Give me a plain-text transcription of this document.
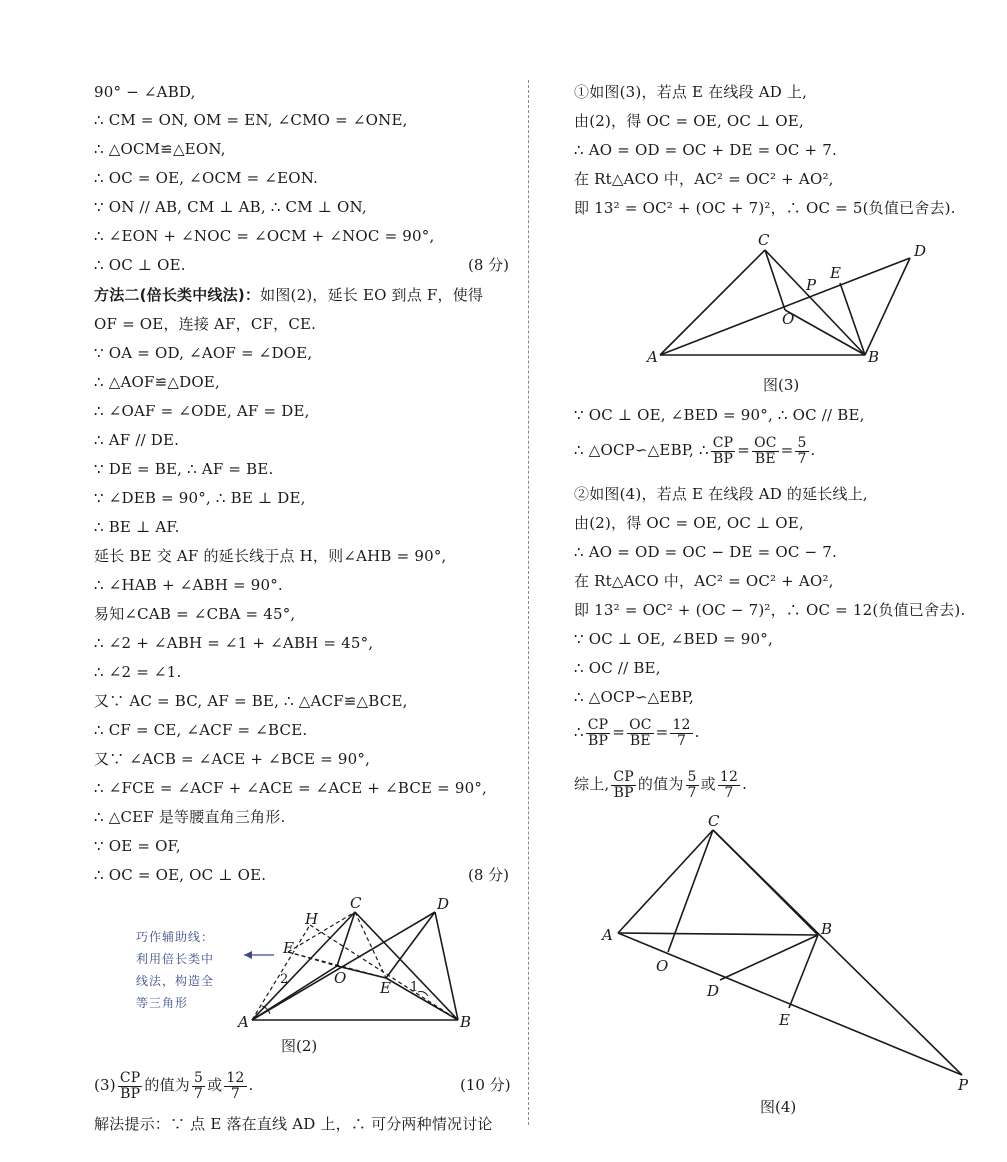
90° − ∠ABD,
∴ CM = ON, OM = EN, ∠CMO = ∠ONE,
∴ △OCM≌△EON,
∴ OC = OE, ∠OCM = ∠EON.
∵ ON // AB, CM ⊥ AB, ∴ CM ⊥ ON,
∴ ∠EON + ∠NOC = ∠OCM + ∠NOC = 90°,
∴ OC ⊥ OE.	(8 分)
方法二(倍长类中线法)：如图(2)，延长 EO 到点 F，使得
OF = OE，连接 AF，CF，CE.
∵ OA = OD, ∠AOF = ∠DOE,
∴ △AOF≌△DOE,
∴ ∠OAF = ∠ODE, AF = DE,
∴ AF // DE.
∵ DE = BE, ∴ AF = BE.
∵ ∠DEB = 90°, ∴ BE ⊥ DE,
∴ BE ⊥ AF.
延长 BE 交 AF 的延长线于点 H，则∠AHB = 90°,
∴ ∠HAB + ∠ABH = 90°.
易知∠CAB = ∠CBA = 45°,
∴ ∠2 + ∠ABH = ∠1 + ∠ABH = 45°,
∴ ∠2 = ∠1.
又∵ AC = BC, AF = BE, ∴ △ACF≌△BCE,
∴ CF = CE, ∠ACF = ∠BCE.
又∵ ∠ACB = ∠ACE + ∠BCE = 90°,
∴ ∠FCE = ∠ACF + ∠ACE = ∠ACE + ∠BCE = 90°,
∴ △CEF 是等腰直角三角形.
∵ OE = OF,
∴ OC = OE, OC ⊥ OE.	(8 分)
巧作辅助线：
利用倍长类中
线法，构造全
等三角形
H
C	D
F
2	O
E 1
A	B
图(2)
$(3) \frac{CP}{BP}$ 的值为 $\frac{5}{7}$ 或 $\frac{12}{7}$ .	(10 分)
解法提示：∵ 点 E 落在直线 AD 上，∴ 可分两种情况讨论
①如图(3)，若点 E 在线段 AD 上,
由(2)，得 OC = OE, OC ⊥ OE,
∴ AO = OD = OC + DE = OC + 7.
在 Rt△ACO 中，AC² = OC² + AO²,
即 13² = OC² + (OC + 7)²，∴ OC = 5(负值已舍去).
C
D
E
P
O
A	B
图(3)
∵ OC ⊥ OE, ∠BED = 90°, ∴ OC // BE,
∴ △OCP∽△EBP, ∴ $\frac{CP}{BP} = \frac{OC}{BE} = \frac{5}{7}$ .
②如图(4)，若点 E 在线段 AD 的延长线上,
由(2)，得 OC = OE, OC ⊥ OE,
∴ AO = OD = OC − DE = OC − 7.
在 Rt△ACO 中，AC² = OC² + AO²,
即 13² = OC² + (OC − 7)²，∴ OC = 12(负值已舍去).
∵ OC ⊥ OE, ∠BED = 90°,
∴ OC // BE,
∴ △OCP∽△EBP,
∴ $\frac{CP}{BP} = \frac{OC}{BE} = \frac{12}{7}$ .
综上, $\frac{CP}{BP}$ 的值为 $\frac{5}{7}$ 或 $\frac{12}{7}$ .
C
A	B
O
D
E
P
图(4)
